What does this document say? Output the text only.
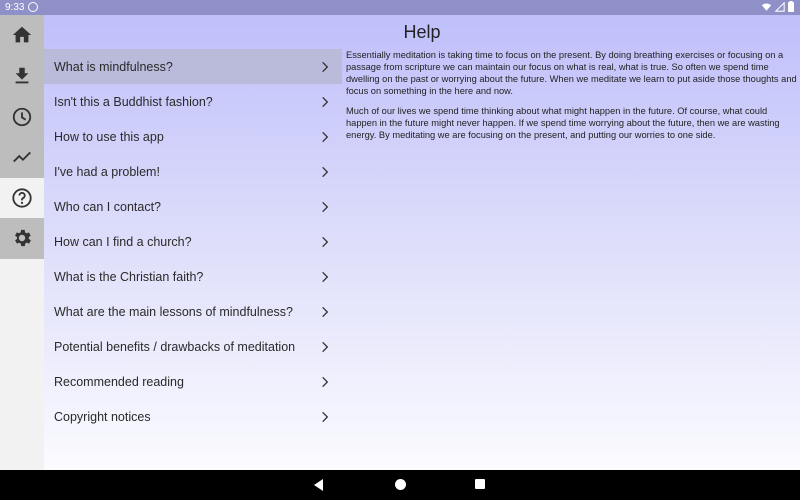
9:33
Help
What is mindfulness?
Isn't this a Buddhist fashion?
How to use this app
I've had a problem!
Who can I contact?
How can I find a church?
What is the Christian faith?
What are the main lessons of mindfulness?
Potential benefits / drawbacks of meditation
Recommended reading
Copyright notices

Essentially meditation is taking time to focus on the present. By doing breathing exercises or focusing on a passage from scripture we can maintain our focus on what is real, what is true. So often we spend time dwelling on the past or worrying about the future. When we meditate we learn to put aside those thoughts and focus on something in the here and now.

Much of our lives we spend time thinking about what might happen in the future. Of course, what could happen in the future might never happen. If we spend time worrying about the future, then we are wasting energy. By meditating we are focusing on the present, and putting our worries to one side.
